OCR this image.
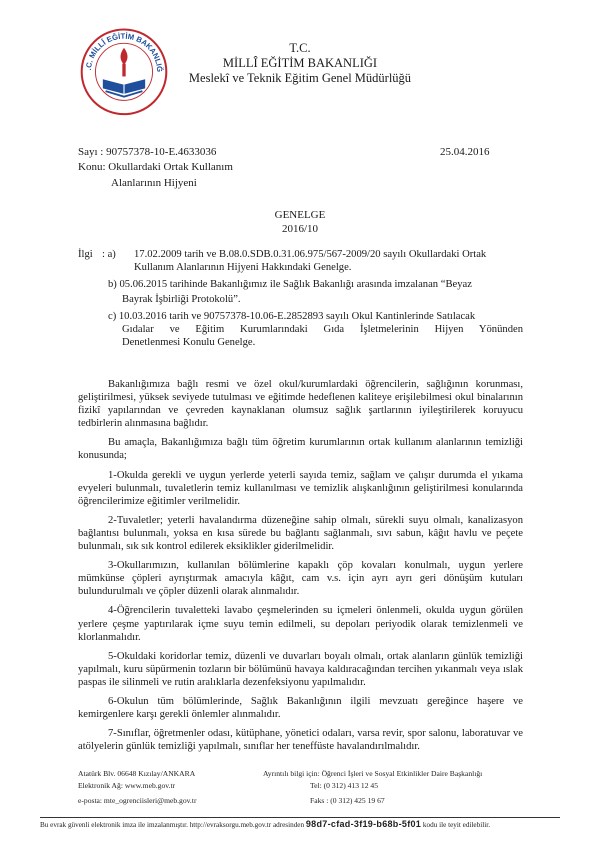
.C. MİLLÎ EĞİTİM BAKANLIĞ

T.C.

MİLLÎ EĞİTİM BAKANLIĞI

Meslekî ve Teknik Eğitim Genel Müdürlüğü

Sayı : 90757378-10-E.4633036	25.04.2016
Konu: Okullardaki Ortak Kullanım
Alanlarının Hijyeni

GENELGE

2016/10

İlgi : a) 17.02.2009 tarih ve B.08.0.SDB.0.31.06.975/567-2009/20 sayılı Okullardaki Ortak
Kullanım Alanlarının Hijyeni Hakkındaki Genelge.
b) 05.06.2015 tarihinde Bakanlığımız ile Sağlık Bakanlığı arasında imzalanan “Beyaz
Bayrak İşbirliği Protokolü”.
c) 10.03.2016 tarih ve 90757378-10.06-E.2852893 sayılı Okul Kantinlerinde Satılacak
Gıdalar ve Eğitim Kurumlarındaki Gıda İşletmelerinin Hijyen Yönünden
Denetlenmesi Konulu Genelge.

Bakanlığımıza bağlı resmi ve özel okul/kurumlardaki öğrencilerin, sağlığının korunması, geliştirilmesi, yüksek seviyede tutulması ve eğitimde hedeflenen kaliteye erişilebilmesi okul binalarının fizikî yapılarından ve çevreden kaynaklanan olumsuz sağlık şartlarının iyileştirilerek koruyucu tedbirlerin alınmasına bağlıdır.

Bu amaçla, Bakanlığımıza bağlı tüm öğretim kurumlarının ortak kullanım alanlarının temizliği konusunda;

1-Okulda gerekli ve uygun yerlerde yeterli sayıda temiz, sağlam ve çalışır durumda el yıkama evyeleri bulunmalı, tuvaletlerin temiz kullanılması ve temizlik alışkanlığının geliştirilmesi konularında öğrencilerimize eğitimler verilmelidir.

2-Tuvaletler; yeterli havalandırma düzeneğine sahip olmalı, sürekli suyu olmalı, kanalizasyon bağlantısı bulunmalı, yoksa en kısa sürede bu bağlantı sağlanmalı, sıvı sabun, kâğıt havlu ve peçete bulunmalı, sık sık kontrol edilerek eksiklikler giderilmelidir.

3-Okullarımızın, kullanılan bölümlerine kapaklı çöp kovaları konulmalı, uygun yerlere mümkünse çöpleri ayrıştırmak amacıyla kâğıt, cam v.s. için ayrı ayrı geri dönüşüm kutuları bulundurulmalı ve çöpler düzenli olarak alınmalıdır.

4-Öğrencilerin tuvaletteki lavabo çeşmelerinden su içmeleri önlenmeli, okulda uygun görülen yerlere çeşme yaptırılarak içme suyu temin edilmeli, su depoları periyodik olarak temizlenmeli ve klorlanmalıdır.

5-Okuldaki koridorlar temiz, düzenli ve duvarları boyalı olmalı, ortak alanların günlük temizliği yapılmalı, kuru süpürmenin tozların bir bölümünü havaya kaldıracağından tercihen yıkanmalı veya ıslak paspas ile silinmeli ve rutin aralıklarla dezenfeksiyonu yapılmalıdır.

6-Okulun tüm bölümlerinde, Sağlık Bakanlığının ilgili mevzuatı gereğince haşere ve kemirgenlere karşı gerekli önlemler alınmalıdır.

7-Sınıflar, öğretmenler odası, kütüphane, yönetici odaları, varsa revir, spor salonu, laboratuvar ve atölyelerin günlük temizliği yapılmalı, sınıflar her teneffüste havalandırılmalıdır.

Atatürk Blv. 06648 Kızılay/ANKARA
Elektronik Ağ: www.meb.gov.tr
e-posta: mte_ogrenciisleri@meb.gov.tr
Ayrıntılı bilgi için: Öğrenci İşleri ve Sosyal Etkinlikler Daire Başkanlığı
Tel: (0 312) 413 12 45
Faks : (0 312) 425 19 67
Bu evrak güvenli elektronik imza ile imzalanmıştır. http://evraksorgu.meb.gov.tr adresinden 98d7-cfad-3f19-b68b-5f01 kodu ile teyit edilebilir.
